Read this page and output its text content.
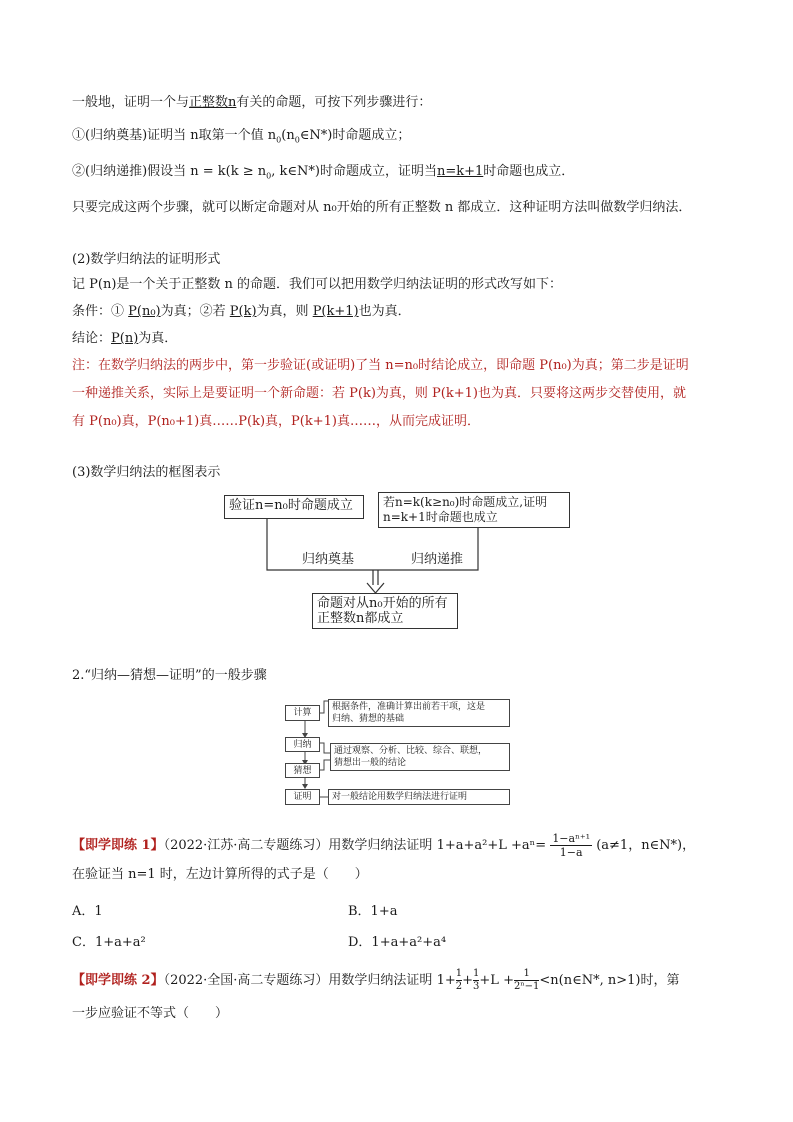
一般地，证明一个与正整数n有关的命题，可按下列步骤进行：
①(归纳奠基)证明当 n取第一个值 $n_0(n_0\in N*)$时命题成立；
②(归纳递推)假设当 $n = k(k \ge n_0$, k∈N*)时命题成立，证明当n=k+1时命题也成立．
只要完成这两个步骤，就可以断定命题对从 n₀开始的所有正整数 n 都成立．这种证明方法叫做数学归纳法．
(2)数学归纳法的证明形式
记 P(n)是一个关于正整数 n 的命题．我们可以把用数学归纳法证明的形式改写如下：
条件：① P(n₀)为真；②若 P(k)为真，则 P(k+1)也为真．
结论：P(n)为真．
注：在数学归纳法的两步中，第一步验证(或证明)了当 n=n₀时结论成立，即命题 P(n₀)为真；第二步是证明
一种递推关系，实际上是要证明一个新命题：若 P(k)为真，则 P(k+1)也为真．只要将这两步交替使用，就
有 P(n₀)真，P(n₀+1)真……P(k)真，P(k+1)真……，从而完成证明．
(3)数学归纳法的框图表示
验证n=n₀时命题成立	若n=k(k≥n₀)时命题成立,证明
n=k+1时命题也成立
归纳奠基	归纳递推
命题对从n₀开始的所有
正整数n都成立
2.“归纳—猜想—证明”的一般步骤
计算
归纳
猜想
证明
根据条件，准确计算出前若干项，这是
归纳、猜想的基础
通过观察、分析、比较、综合、联想，
猜想出一般的结论
对一般结论用数学归纳法进行证明
【即学即练 1】（2022·江苏·高二专题练习）用数学归纳法证明 $1+a+a^2+L +a^n= \frac{\text{1−aⁿ⁺¹}}{1-a} (a\ne 1$，n∈N*)，
在验证当 n=1 时，左边计算所得的式子是（　　）
A．1	B．1+a
C．1+a+a²	D．1+a+a²+a⁴
【即学即练 2】（2022·全国·高二专题练习）用数学归纳法证明 $1+ \frac{1}{2} + \frac{1}{3} +L + \frac{1}{\text{2ⁿ−1}}$ <n(n∈N*, n>1)时，第
一步应验证不等式（　　）
